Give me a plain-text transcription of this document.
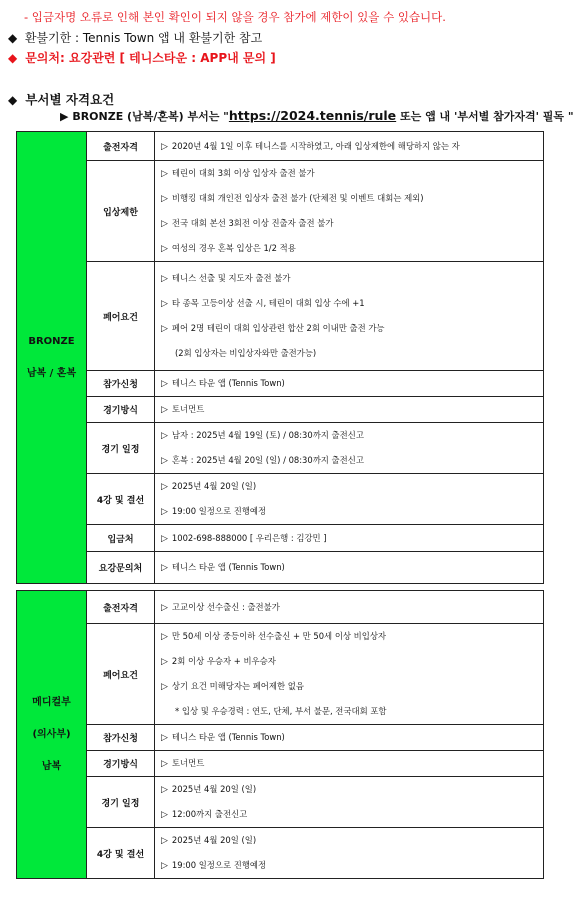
- 입금자명 오류로 인해 본인 확인이 되지 않을 경우 참가에 제한이 있을 수 있습니다.
◆ 환불기한 : Tennis Town 앱 내 환불기한 참고
◆ 문의처: 요강관련 [ 테니스타운 : APP내 문의 ]
◆ 부서별 자격요건
▶ BRONZE (남복/혼복) 부서는 "https://2024.tennis/rule 또는 앱 내 '부서별 참가자격' 필독 "
BRONZE

남복 / 혼복	출전자격	▷ 2020년 4월 1일 이후 테니스를 시작하였고, 아래 입상제한에 해당하지 않는 자

	입상제한	▷ 테린이 대회 3회 이상 입상자 출전 불가
▷ 비행킹 대회 개인전 입상자 출전 불가 (단체전 및 이벤트 대회는 제외)
▷ 전국 대회 본선 3회전 이상 진출자 출전 불가
▷ 여성의 경우 혼복 입상은 1/2 적용

	페어요건	▷ 테니스 선출 및 지도자 출전 불가
▷ 타 종목 고등이상 선출 시, 테린이 대회 입상 수에 +1
▷ 페어 2명 테린이 대회 입상관련 합산 2회 이내만 출전 가능
(2회 입상자는 비입상자와만 출전가능)

	참가신청	▷ 테니스 타운 앱 (Tennis Town)

	경기방식	▷ 토너먼트

	경기 일정	▷ 남자 : 2025년 4월 19일 (토) / 08:30까지 출전신고
▷ 혼복 : 2025년 4월 20일 (일) / 08:30까지 출전신고

	4강 및 결선	▷ 2025년 4월 20일 (일)
▷ 19:00 일정으로 진행예정

	입금처	▷ 1002-698-888000 [ 우리은행 : 김강민 ]

	요강문의처	▷ 테니스 타운 앱 (Tennis Town)
메디컬부

(의사부)

남복	출전자격	▷ 고교이상 선수출신 : 출전불가

	페어요건	▷ 만 50세 이상 중등이하 선수출신 + 만 50세 이상 비입상자
▷ 2회 이상 우승자 + 비우승자
▷ 상기 요건 미해당자는 페어제한 없음
* 입상 및 우승경력 : 연도, 단체, 부서 불문, 전국대회 포함

	참가신청	▷ 테니스 타운 앱 (Tennis Town)

	경기방식	▷ 토너먼트

	경기 일정	▷ 2025년 4월 20일 (일)
▷ 12:00까지 출전신고

	4강 및 결선	▷ 2025년 4월 20일 (일)
▷ 19:00 일정으로 진행예정
